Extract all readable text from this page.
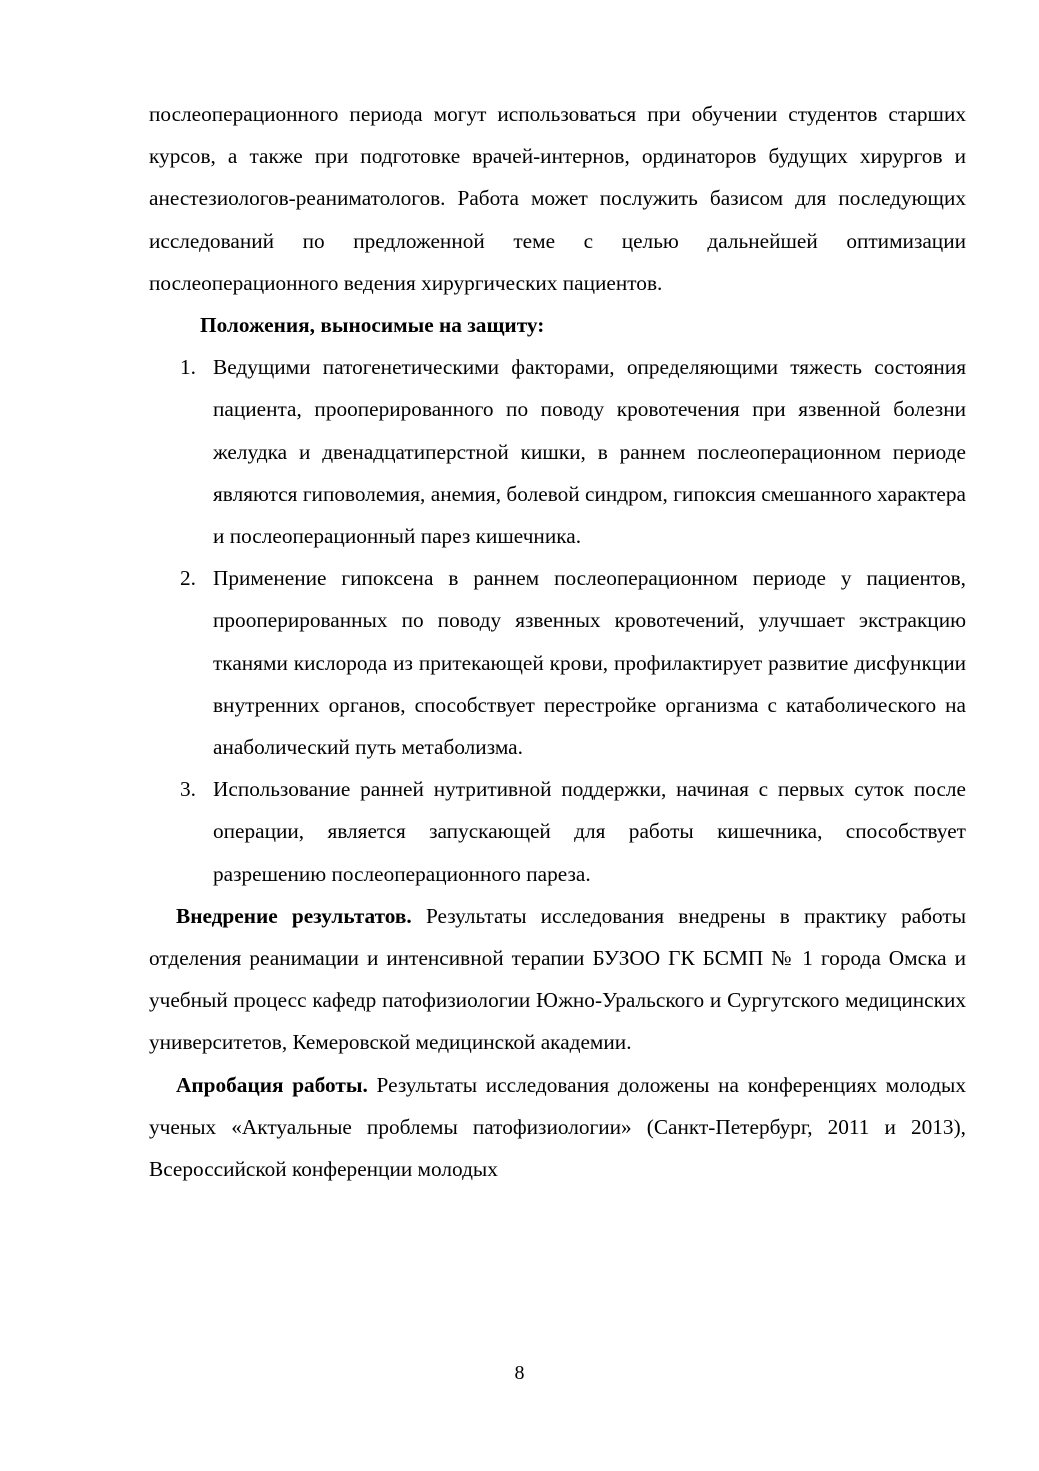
послеоперационного периода могут использоваться при обучении студентов старших курсов, а также при подготовке врачей-интернов, ординаторов будущих хирургов и анестезиологов-реаниматологов. Работа может послужить базисом для последующих исследований по предложенной теме с целью дальнейшей оптимизации послеоперационного ведения хирургических пациентов.

Положения, выносимые на защиту:

1. Ведущими патогенетическими факторами, определяющими тяжесть состояния пациента, прооперированного по поводу кровотечения при язвенной болезни желудка и двенадцатиперстной кишки, в раннем послеоперационном периоде являются гиповолемия, анемия, болевой синдром, гипоксия смешанного характера и послеоперационный парез кишечника.
2. Применение гипоксена в раннем послеоперационном периоде у пациентов, прооперированных по поводу язвенных кровотечений, улучшает экстракцию тканями кислорода из притекающей крови, профилактирует развитие дисфункции внутренних органов, способствует перестройке организма с катаболического на анаболический путь метаболизма.
3. Использование ранней нутритивной поддержки, начиная с первых суток после операции, является запускающей для работы кишечника, способствует разрешению послеоперационного пареза.

Внедрение результатов. Результаты исследования внедрены в практику работы отделения реанимации и интенсивной терапии БУЗОО ГК БСМП № 1 города Омска и учебный процесс кафедр патофизиологии Южно-Уральского и Сургутского медицинских университетов, Кемеровской медицинской академии.

Апробация работы. Результаты исследования доложены на конференциях молодых ученых «Актуальные проблемы патофизиологии» (Санкт-Петербург, 2011 и 2013), Всероссийской конференции молодых

8
